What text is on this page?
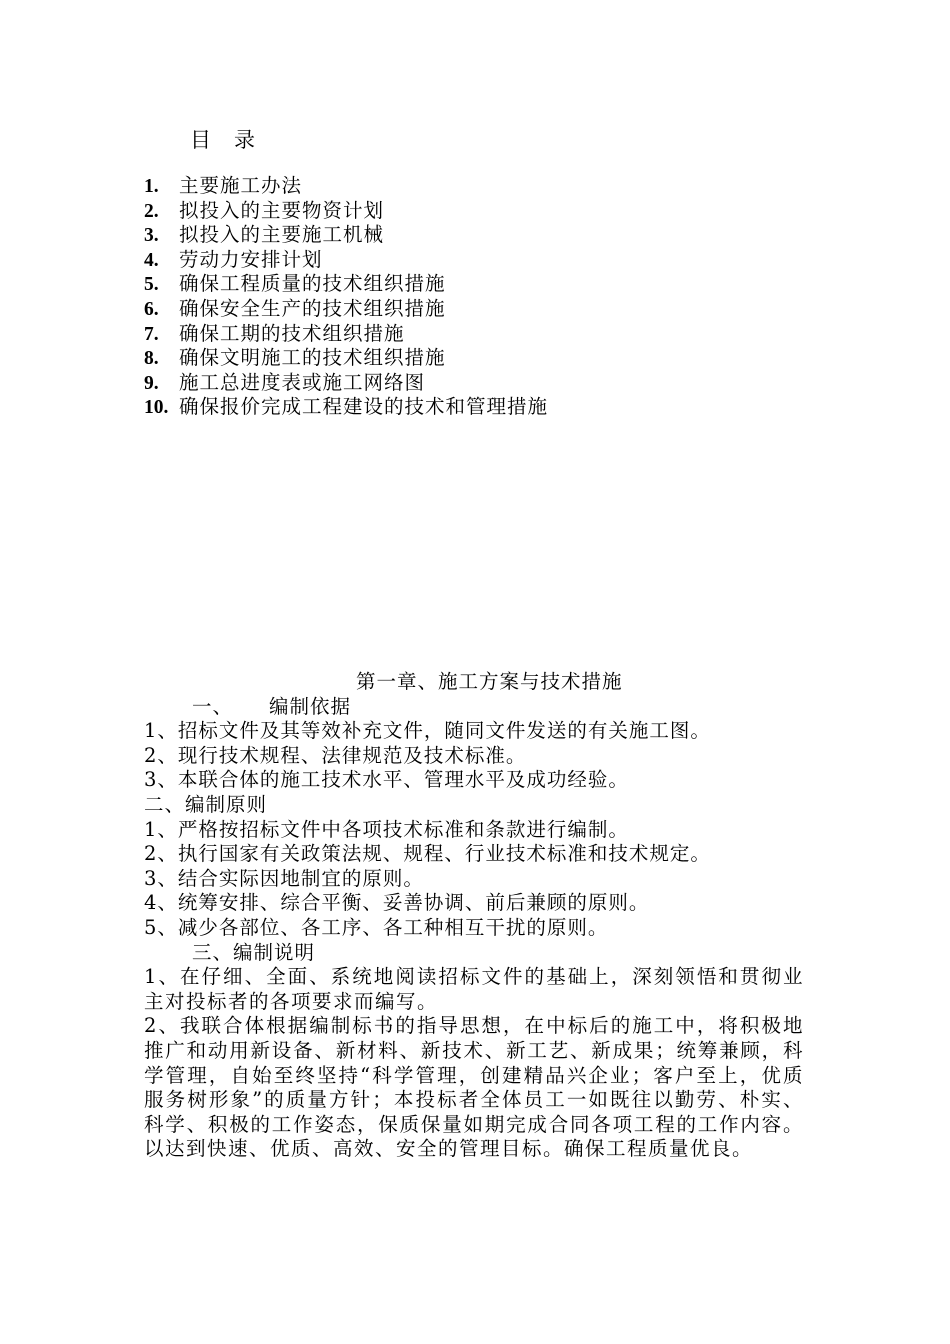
目 录
1. 主要施工办法
2. 拟投入的主要物资计划
3. 拟投入的主要施工机械
4. 劳动力安排计划
5. 确保工程质量的技术组织措施
6. 确保安全生产的技术组织措施
7. 确保工期的技术组织措施
8. 确保文明施工的技术组织措施
9. 施工总进度表或施工网络图
10. 确保报价完成工程建设的技术和管理措施
第一章、施工方案与技术措施
一、 编制依据
1、招标文件及其等效补充文件，随同文件发送的有关施工图。
2、现行技术规程、法律规范及技术标准。
3、本联合体的施工技术水平、管理水平及成功经验。
二、编制原则
1、严格按招标文件中各项技术标准和条款进行编制。
2、执行国家有关政策法规、规程、行业技术标准和技术规定。
3、结合实际因地制宜的原则。
4、统筹安排、综合平衡、妥善协调、前后兼顾的原则。
5、减少各部位、各工序、各工种相互干扰的原则。
三、编制说明
1、在仔细、全面、系统地阅读招标文件的基础上，深刻领悟和贯彻业主对投标者的各项要求而编写。
2、我联合体根据编制标书的指导思想，在中标后的施工中，将积极地推广和动用新设备、新材料、新技术、新工艺、新成果；统筹兼顾，科学管理，自始至终坚持“科学管理，创建精品兴企业；客户至上，优质服务树形象”的质量方针；本投标者全体员工一如既往以勤劳、朴实、科学、积极的工作姿态，保质保量如期完成合同各项工程的工作内容。以达到快速、优质、高效、安全的管理目标。确保工程质量优良。
